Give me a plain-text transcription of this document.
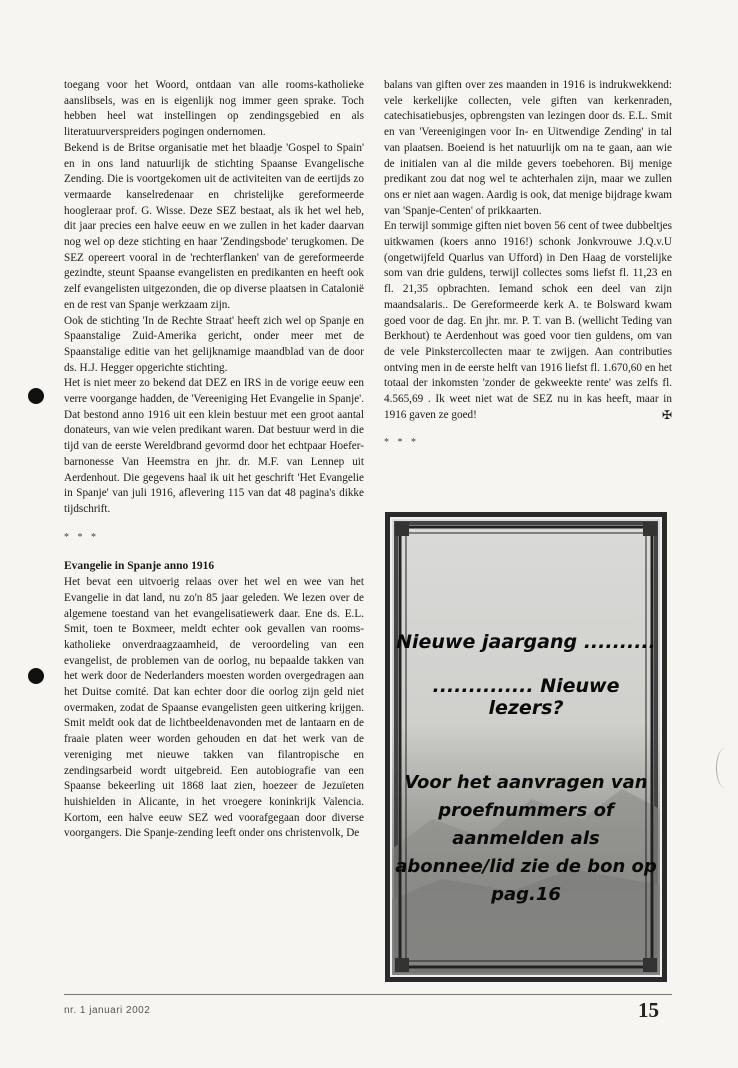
toegang voor het Woord, ontdaan van alle rooms-katholieke aanslibsels, was en is eigenlijk nog immer geen sprake. Toch hebben heel wat instellingen op zendingsgebied en als literatuurverspreiders pogingen ondernomen.

Bekend is de Britse organisatie met het blaadje 'Gospel to Spain' en in ons land natuurlijk de stichting Spaanse Evangelische Zending. Die is voortgekomen uit de activiteiten van de eertijds zo vermaarde kanselredenaar en christelijke gereformeerde hoogleraar prof. G. Wisse. Deze SEZ bestaat, als ik het wel heb, dit jaar precies een halve eeuw en we zullen in het kader daarvan nog wel op deze stichting en haar 'Zendingsbode' terugkomen. De SEZ opereert vooral in de 'rechterflanken' van de gereformeerde gezindte, steunt Spaanse evangelisten en predikanten en heeft ook zelf evangelisten uitgezonden, die op diverse plaatsen in Catalonië en de rest van Spanje werkzaam zijn.

Ook de stichting 'In de Rechte Straat' heeft zich wel op Spanje en Spaanstalige Zuid-Amerika gericht, onder meer met de Spaanstalige editie van het gelijknamige maandblad van de door ds. H.J. Hegger opgerichte stichting.

Het is niet meer zo bekend dat DEZ en IRS in de vorige eeuw een verre voorgange hadden, de 'Vereeniging Het Evangelie in Spanje'. Dat bestond anno 1916 uit een klein bestuur met een groot aantal donateurs, van wie velen predikant waren. Dat bestuur werd in die tijd van de eerste Wereldbrand gevormd door het echtpaar Hoefer-barnonesse Van Heemstra en jhr. dr. M.F. van Lennep uit Aerdenhout. Die gegevens haal ik uit het geschrift 'Het Evangelie in Spanje' van juli 1916, aflevering 115 van dat 48 pagina's dikke tijdschrift.

* * *

Evangelie in Spanje anno 1916

Het bevat een uitvoerig relaas over het wel en wee van het Evangelie in dat land, nu zo'n 85 jaar geleden. We lezen over de algemene toestand van het evangelisatiewerk daar. Ene ds. E.L. Smit, toen te Boxmeer, meldt echter ook gevallen van rooms-katholieke onverdraagzaamheid, de veroordeling van een evangelist, de problemen van de oorlog, nu bepaalde takken van het werk door de Nederlanders moesten worden overgedragen aan het Duitse comité. Dat kan echter door die oorlog zijn geld niet overmaken, zodat de Spaanse evangelisten geen uitkering krijgen. Smit meldt ook dat de lichtbeeldenavonden met de lantaarn en de fraaie platen weer worden gehouden en dat het werk van de vereniging met nieuwe takken van filantropische en zendingsarbeid wordt uitgebreid. Een autobiografie van een Spaanse bekeerling uit 1868 laat zien, hoezeer de Jezuïeten huishielden in Alicante, in het vroegere koninkrijk Valencia. Kortom, een halve eeuw SEZ wed voorafgegaan door diverse voorgangers. Die Spanje-zending leeft onder ons christenvolk, De

balans van giften over zes maanden in 1916 is indrukwekkend: vele kerkelijke collecten, vele giften van kerkenraden, catechisatiebusjes, opbrengsten van lezingen door ds. E.L. Smit en van 'Vereenigingen voor In- en Uitwendige Zending' in tal van plaatsen. Boeiend is het natuurlijk om na te gaan, aan wie de initialen van al die milde gevers toebehoren. Bij menige predikant zou dat nog wel te achterhalen zijn, maar we zullen ons er niet aan wagen. Aardig is ook, dat menige bijdrage kwam van 'Spanje-Centen' of prikkaarten.

En terwijl sommige giften niet boven 56 cent of twee dubbeltjes uitkwamen (koers anno 1916!) schonk Jonkvrouwe J.Q.v.U (ongetwijfeld Quarlus van Ufford) in Den Haag de vorstelijke som van drie guldens, terwijl collectes soms liefst fl. 11,23 en fl. 21,35 opbrachten. Iemand schok een deel van zijn maandsalaris.. De Gereformeerde kerk A. te Bolsward kwam goed voor de dag. En jhr. mr. P. T. van B. (wellicht Teding van Berkhout) te Aerdenhout was goed voor tien guldens, om van de vele Pinkstercollecten maar te zwijgen. Aan contributies ontving men in de eerste helft van 1916 liefst fl. 1.670,60 en het totaal der inkomsten 'zonder de gekweekte rente' was zelfs fl. 4.565,69 . Ik weet niet wat de SEZ nu in kas heeft, maar in 1916 gaven ze goed!	✠

* * *
Nieuwe jaargang ..........
.............. Nieuwe lezers?
Voor het aanvragen van proefnummers of aanmelden als abonnee/lid zie de bon op pag.16
nr. 1 januari 2002	15
